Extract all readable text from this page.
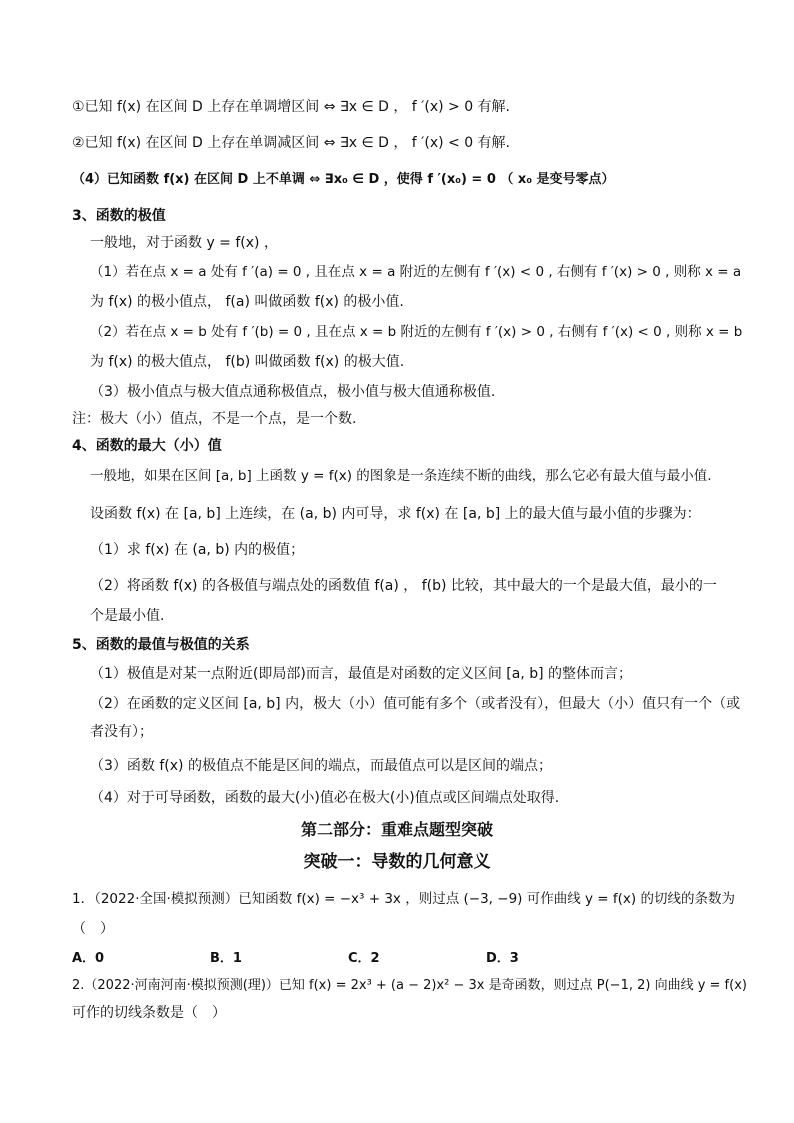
①已知 f(x) 在区间 D 上存在单调增区间 ⇔ ∃x ∈ D ， f ′(x) > 0 有解.
②已知 f(x) 在区间 D 上存在单调减区间 ⇔ ∃x ∈ D ， f ′(x) < 0 有解.
（4）已知函数 f(x) 在区间 D 上不单调 ⇔ ∃x₀ ∈ D ，使得 f ′(x₀) = 0 （ x₀ 是变号零点）
3、函数的极值
一般地，对于函数 y = f(x) ，
（1）若在点 x = a 处有 f ′(a) = 0 , 且在点 x = a 附近的左侧有 f ′(x) < 0 , 右侧有 f ′(x) > 0 , 则称 x = a
为 f(x) 的极小值点， f(a) 叫做函数 f(x) 的极小值.
（2）若在点 x = b 处有 f ′(b) = 0 , 且在点 x = b 附近的左侧有 f ′(x) > 0 , 右侧有 f ′(x) < 0 , 则称 x = b
为 f(x) 的极大值点， f(b) 叫做函数 f(x) 的极大值.
（3）极小值点与极大值点通称极值点，极小值与极大值通称极值.
注：极大（小）值点，不是一个点，是一个数.
4、函数的最大（小）值
一般地，如果在区间 [a, b] 上函数 y = f(x) 的图象是一条连续不断的曲线，那么它必有最大值与最小值.
设函数 f(x) 在 [a, b] 上连续，在 (a, b) 内可导，求 f(x) 在 [a, b] 上的最大值与最小值的步骤为：
（1）求 f(x) 在 (a, b) 内的极值；
（2）将函数 f(x) 的各极值与端点处的函数值 f(a) ， f(b) 比较，其中最大的一个是最大值，最小的一
个是最小值.
5、函数的最值与极值的关系
（1）极值是对某一点附近(即局部)而言，最值是对函数的定义区间 [a, b] 的整体而言；
（2）在函数的定义区间 [a, b] 内，极大（小）值可能有多个（或者没有），但最大（小）值只有一个（或
者没有）；
（3）函数 f(x) 的极值点不能是区间的端点，而最值点可以是区间的端点；
（4）对于可导函数，函数的最大(小)值必在极大(小)值点或区间端点处取得.
第二部分：重难点题型突破
突破一：导数的几何意义
1．（2022·全国·模拟预测）已知函数 f(x) = −x³ + 3x ，则过点 (−3, −9) 可作曲线 y = f(x) 的切线的条数为
（　）
A．0	B．1	C．2	D．3
2.（2022·河南河南·模拟预测(理)）已知 f(x) = 2x³ + (a − 2)x² − 3x 是奇函数，则过点 P(−1, 2) 向曲线 y = f(x)
可作的切线条数是（　）
